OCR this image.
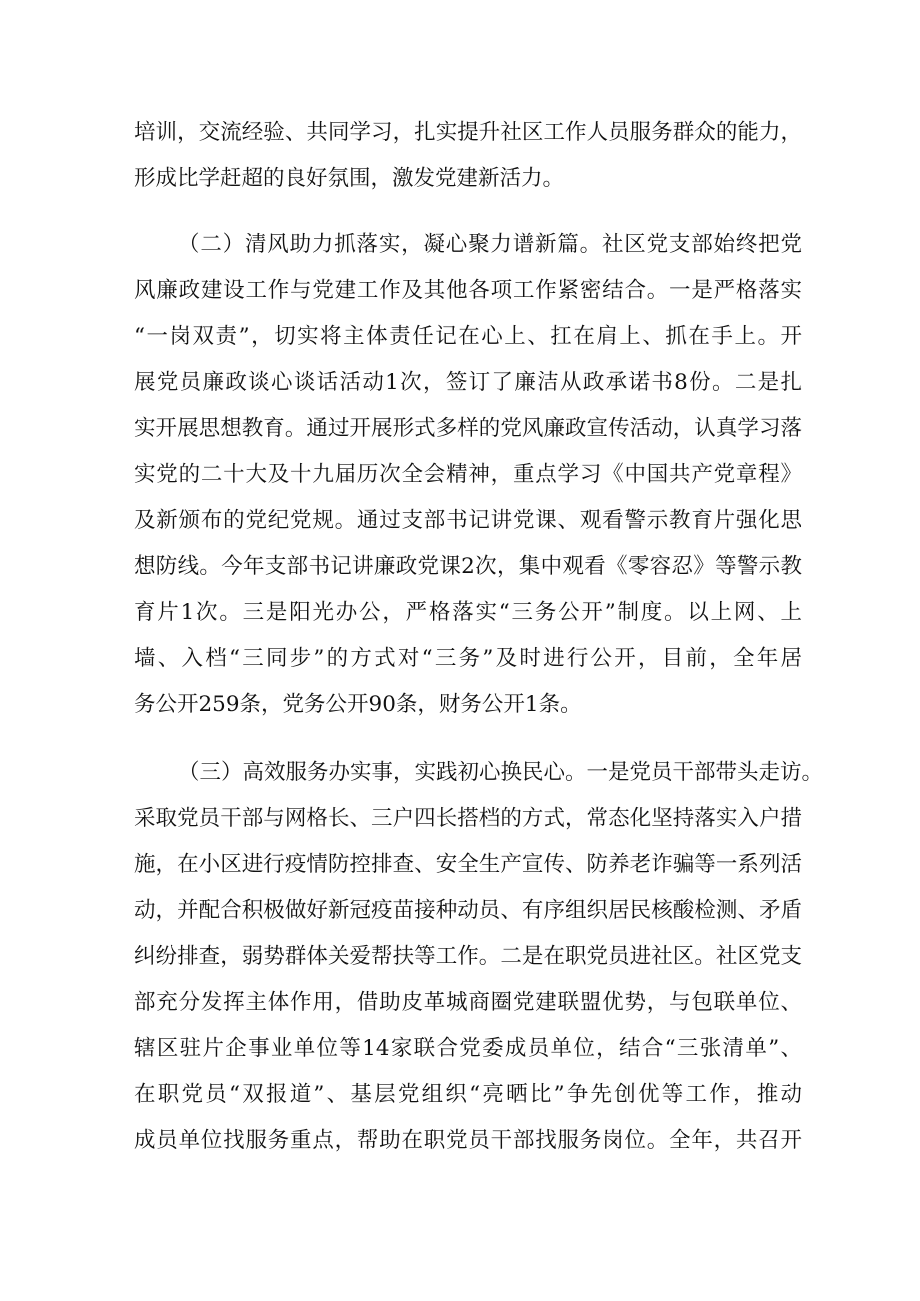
培训，交流经验、共同学习，扎实提升社区工作人员服务群众的能力，
形成比学赶超的良好氛围，激发党建新活力。
（二）清风助力抓落实，凝心聚力谱新篇。社区党支部始终把党
风廉政建设工作与党建工作及其他各项工作紧密结合。一是严格落实
“一岗双责”，切实将主体责任记在心上、扛在肩上、抓在手上。开
展党员廉政谈心谈话活动1次，签订了廉洁从政承诺书8份。二是扎
实开展思想教育。通过开展形式多样的党风廉政宣传活动，认真学习落
实党的二十大及十九届历次全会精神，重点学习《中国共产党章程》
及新颁布的党纪党规。通过支部书记讲党课、观看警示教育片强化思
想防线。今年支部书记讲廉政党课2次，集中观看《零容忍》等警示教
育片1次。三是阳光办公，严格落实“三务公开”制度。以上网、上
墙、入档“三同步”的方式对“三务”及时进行公开，目前，全年居
务公开259条，党务公开90条，财务公开1条。
（三）高效服务办实事，实践初心换民心。一是党员干部带头走访。
采取党员干部与网格长、三户四长搭档的方式，常态化坚持落实入户措
施，在小区进行疫情防控排查、安全生产宣传、防养老诈骗等一系列活
动，并配合积极做好新冠疫苗接种动员、有序组织居民核酸检测、矛盾
纠纷排查，弱势群体关爱帮扶等工作。二是在职党员进社区。社区党支
部充分发挥主体作用，借助皮革城商圈党建联盟优势，与包联单位、
辖区驻片企事业单位等14家联合党委成员单位，结合“三张清单”、
在职党员“双报道”、基层党组织“亮晒比”争先创优等工作，推动
成员单位找服务重点，帮助在职党员干部找服务岗位。全年，共召开
